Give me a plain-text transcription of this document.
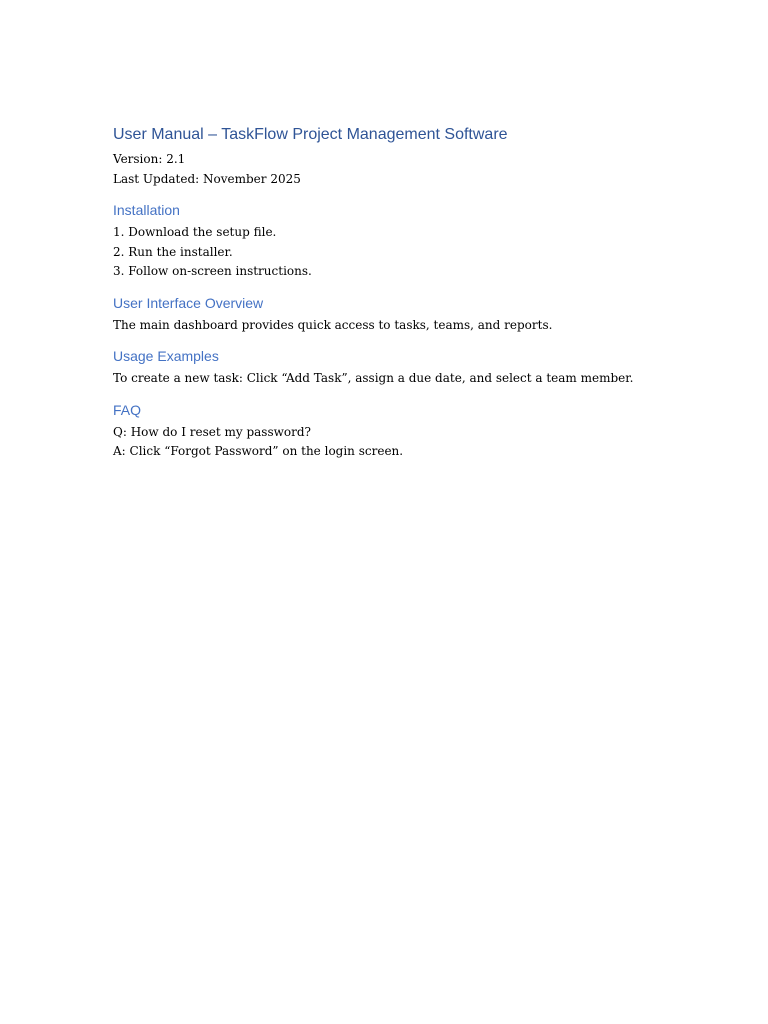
User Manual – TaskFlow Project Management Software
Version: 2.1
Last Updated: November 2025
Installation
1. Download the setup file.
2. Run the installer.
3. Follow on-screen instructions.
User Interface Overview
The main dashboard provides quick access to tasks, teams, and reports.
Usage Examples
To create a new task: Click “Add Task”, assign a due date, and select a team member.
FAQ
Q: How do I reset my password?
A: Click “Forgot Password” on the login screen.
